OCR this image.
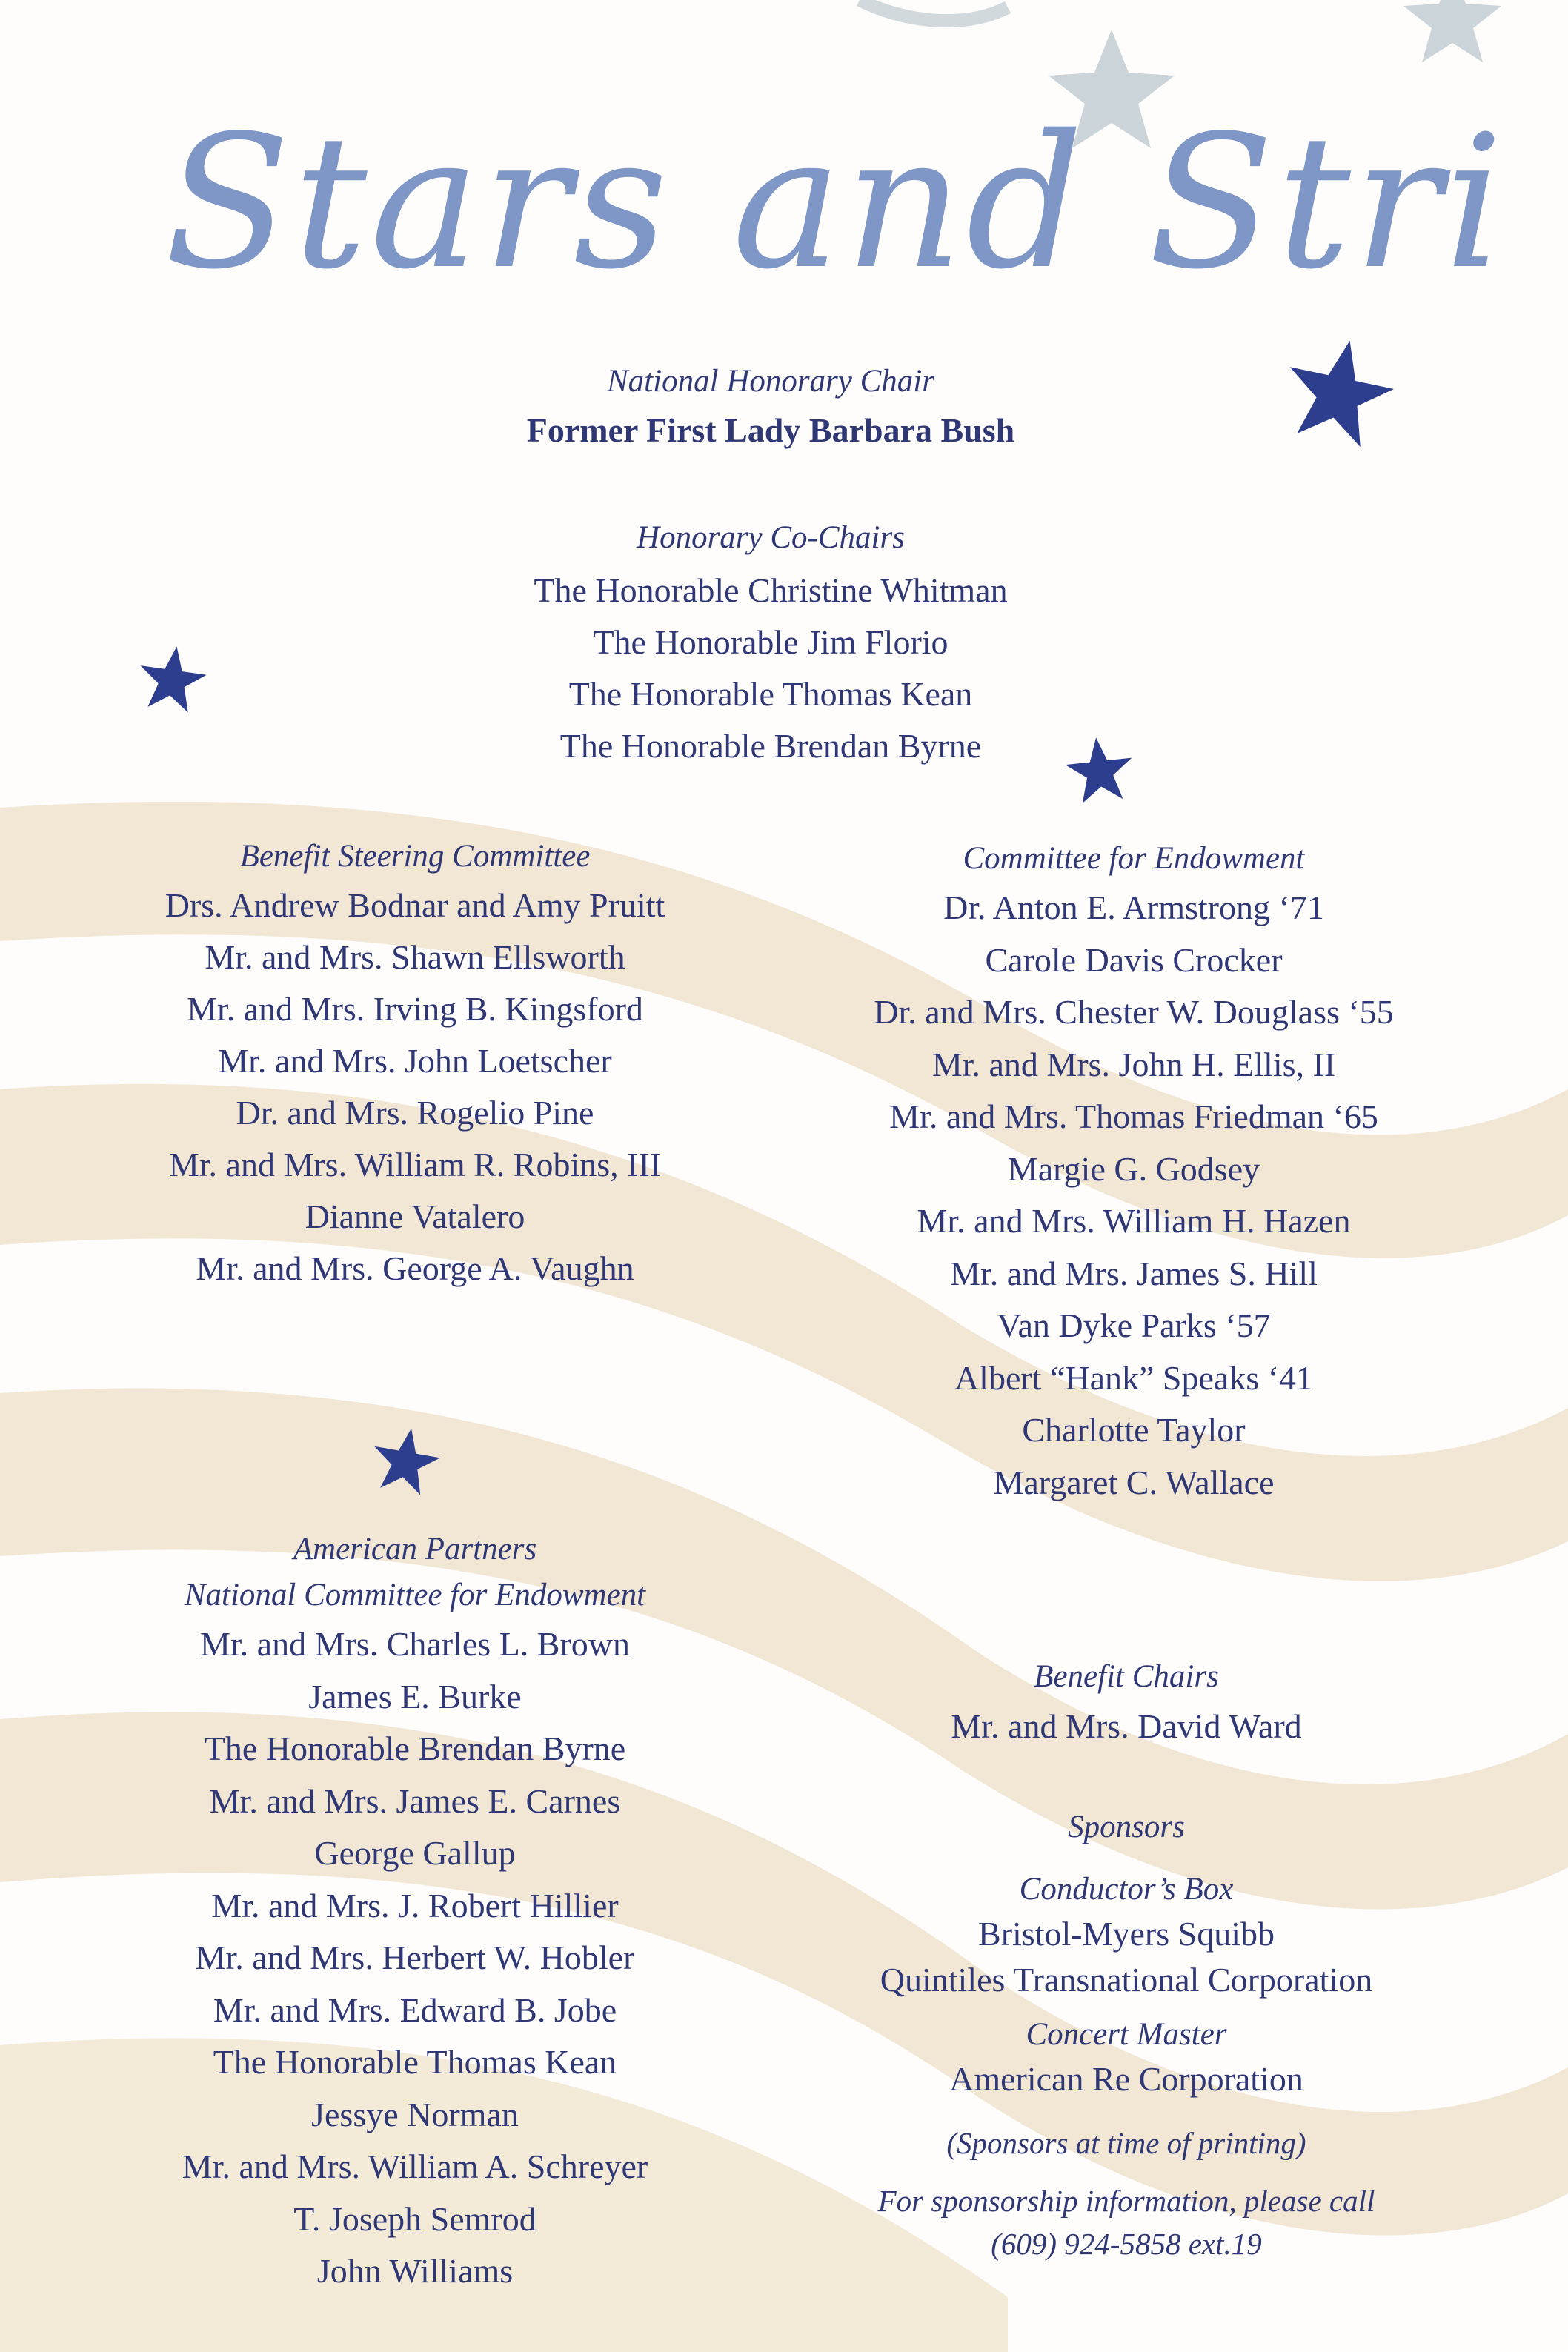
Stars and Stri
National Honorary Chair
Former First Lady Barbara Bush
Honorary Co-Chairs
The Honorable Christine Whitman
The Honorable Jim Florio
The Honorable Thomas Kean
The Honorable Brendan Byrne
Benefit Steering Committee
Drs. Andrew Bodnar and Amy Pruitt
Mr. and Mrs. Shawn Ellsworth
Mr. and Mrs. Irving B. Kingsford
Mr. and Mrs. John Loetscher
Dr. and Mrs. Rogelio Pine
Mr. and Mrs. William R. Robins, III
Dianne Vatalero
Mr. and Mrs. George A. Vaughn
Committee for Endowment
Dr. Anton E. Armstrong ‘71
Carole Davis Crocker
Dr. and Mrs. Chester W. Douglass ‘55
Mr. and Mrs. John H. Ellis, II
Mr. and Mrs. Thomas Friedman ‘65
Margie G. Godsey
Mr. and Mrs. William H. Hazen
Mr. and Mrs. James S. Hill
Van Dyke Parks ‘57
Albert “Hank” Speaks ‘41
Charlotte Taylor
Margaret C. Wallace
American Partners
National Committee for Endowment
Mr. and Mrs. Charles L. Brown
James E. Burke
The Honorable Brendan Byrne
Mr. and Mrs. James E. Carnes
George Gallup
Mr. and Mrs. J. Robert Hillier
Mr. and Mrs. Herbert W. Hobler
Mr. and Mrs. Edward B. Jobe
The Honorable Thomas Kean
Jessye Norman
Mr. and Mrs. William A. Schreyer
T. Joseph Semrod
John Williams
Benefit Chairs
Mr. and Mrs. David Ward
Sponsors
Conductor’s Box
Bristol-Myers Squibb
Quintiles Transnational Corporation
Concert Master
American Re Corporation
(Sponsors at time of printing)
For sponsorship information, please call
(609) 924-5858 ext.19
